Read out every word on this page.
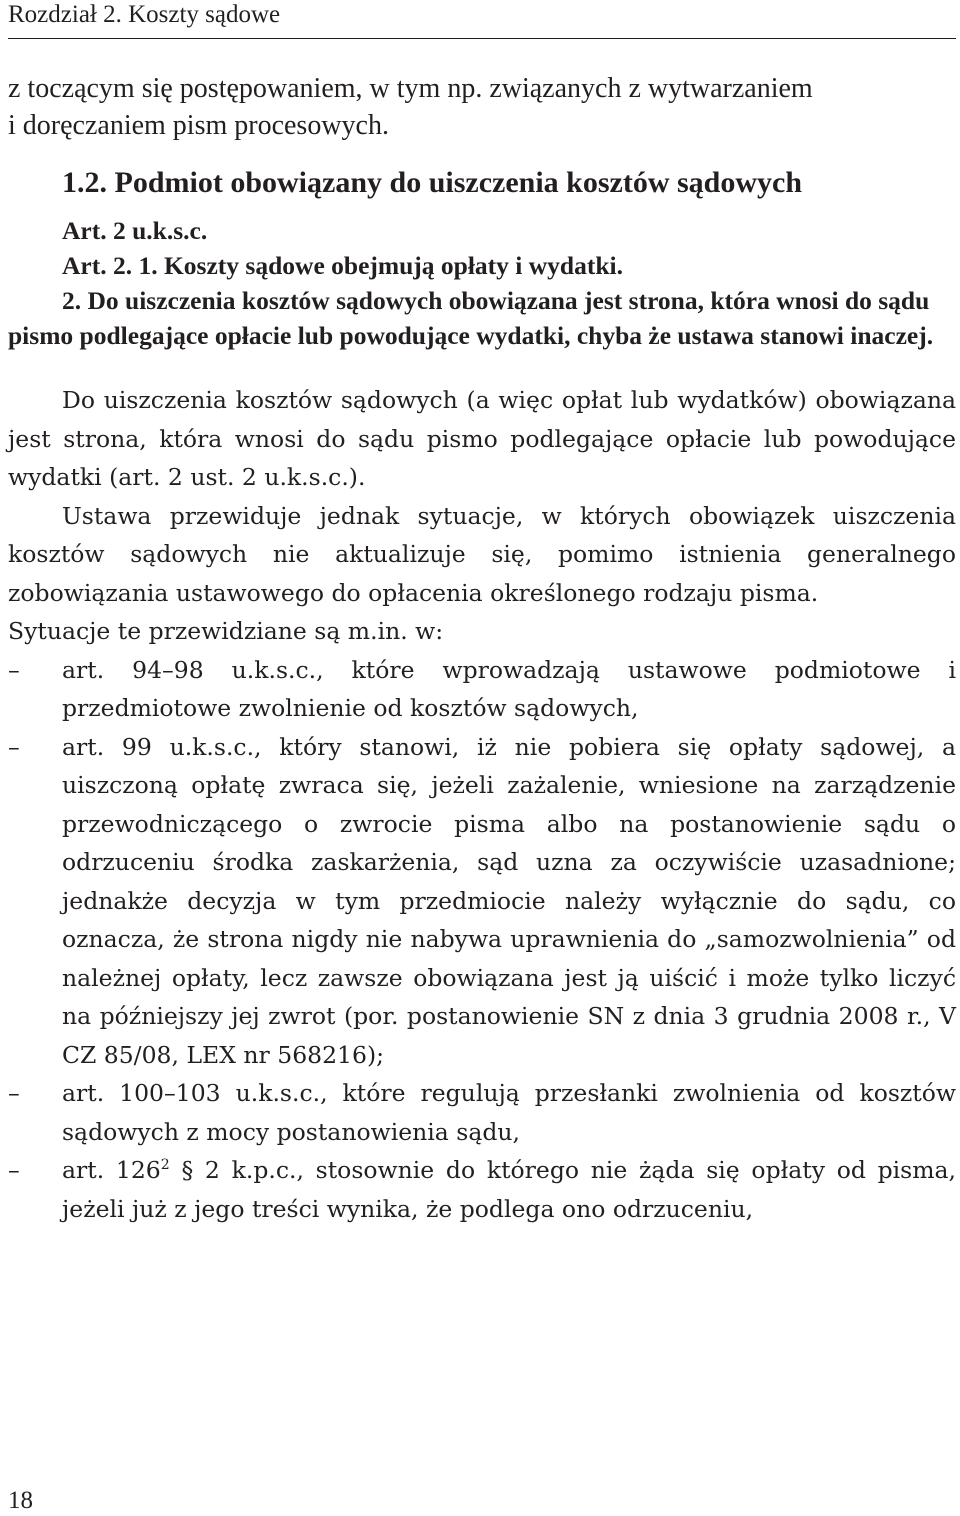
Rozdział 2. Koszty sądowe

z toczącym się postępowaniem, w tym np. związanych z wytwarzaniem

i doręczaniem pism procesowych.

1.2. Podmiot obowiązany do uiszczenia kosztów sądowych

Art. 2 u.k.s.c.

Art. 2. 1. Koszty sądowe obejmują opłaty i wydatki.

2. Do uiszczenia kosztów sądowych obowiązana jest strona, która wnosi do sądu pismo podlegające opłacie lub powodujące wydatki, chyba że ustawa stanowi inaczej.

Do uiszczenia kosztów sądowych (a więc opłat lub wydatków) obowiązana jest strona, która wnosi do sądu pismo podlegające opłacie lub powodujące wydatki (art. 2 ust. 2 u.k.s.c.).

Ustawa przewiduje jednak sytuacje, w których obowiązek uiszczenia kosztów sądowych nie aktualizuje się, pomimo istnienia generalnego zobowiązania ustawowego do opłacenia określonego rodzaju pisma.

Sytuacje te przewidziane są m.in. w:

–	art. 94–98 u.k.s.c., które wprowadzają ustawowe podmiotowe i przedmiotowe zwolnienie od kosztów sądowych,
–	art. 99 u.k.s.c., który stanowi, iż nie pobiera się opłaty sądowej, a uiszczoną opłatę zwraca się, jeżeli zażalenie, wniesione na zarządzenie przewodniczącego o zwrocie pisma albo na postanowienie sądu o odrzuceniu środka zaskarżenia, sąd uzna za oczywiście uzasadnione; jednakże decyzja w tym przedmiocie należy wyłącznie do sądu, co oznacza, że strona nigdy nie nabywa uprawnienia do „samozwolnienia” od należnej opłaty, lecz zawsze obowiązana jest ją uiścić i może tylko liczyć na późniejszy jej zwrot (por. postanowienie SN z dnia 3 grudnia 2008 r., V CZ 85/08, LEX nr 568216);
–	art. 100–103 u.k.s.c., które regulują przesłanki zwolnienia od kosztów sądowych z mocy postanowienia sądu,
–	art. $126^2$ § 2 k.p.c., stosownie do którego nie żąda się opłaty od pisma, jeżeli już z jego treści wynika, że podlega ono odrzuceniu,
18
